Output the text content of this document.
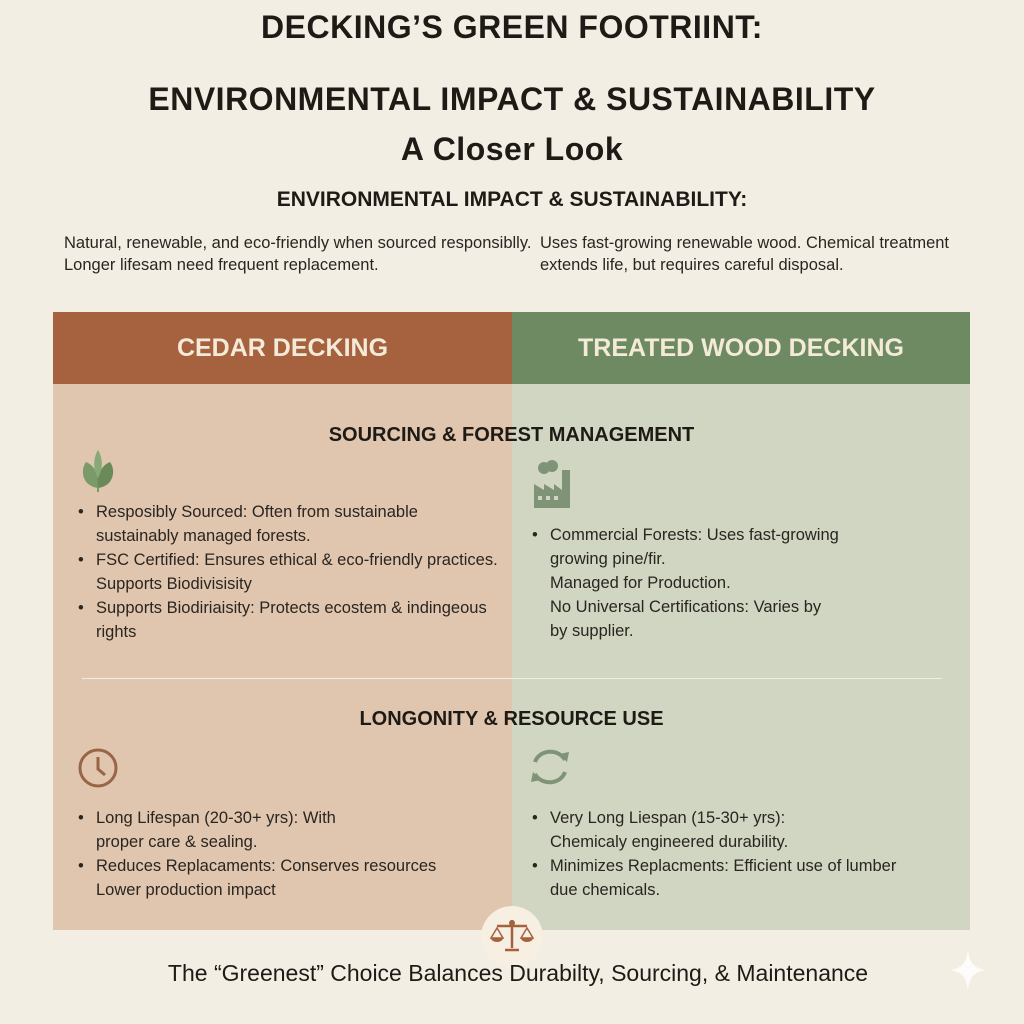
DECKING’S GREEN FOOTRIINT:
ENVIRONMENTAL IMPACT & SUSTAINABILITY
A Closer Look
ENVIRONMENTAL IMPACT & SUSTAINABILITY:
Natural, renewable, and eco-friendly when sourced responsiblly. Longer lifesam need frequent replacement.
Uses fast-growing renewable wood. Chemical treatment extends life, but requires careful disposal.
CEDAR DECKING	TREATED WOOD DECKING
SOURCING & FOREST MANAGEMENT
• Resposibly Sourced: Often from sustainable
sustainably managed forests.
• FSC Certified: Ensures ethical & eco-friendly practices.
Supports Biodivisisity
• Supports Biodiriaisity: Protects ecostem & indingeous
rights
• Commercial Forests: Uses fast-growing
growing pine/fir.
Managed for Production.
No Universal Certifications: Varies by
by supplier.
LONGONITY & RESOURCE USE
• Long Lifespan (20-30+ yrs): With
proper care & sealing.
• Reduces Replacaments: Conserves resources
Lower production impact
• Very Long Liespan (15-30+ yrs):
Chemicaly engineered durability.
• Minimizes Replacments: Efficient use of lumber
due chemicals.
The “Greenest” Choice Balances Durabilty, Sourcing, & Maintenance
